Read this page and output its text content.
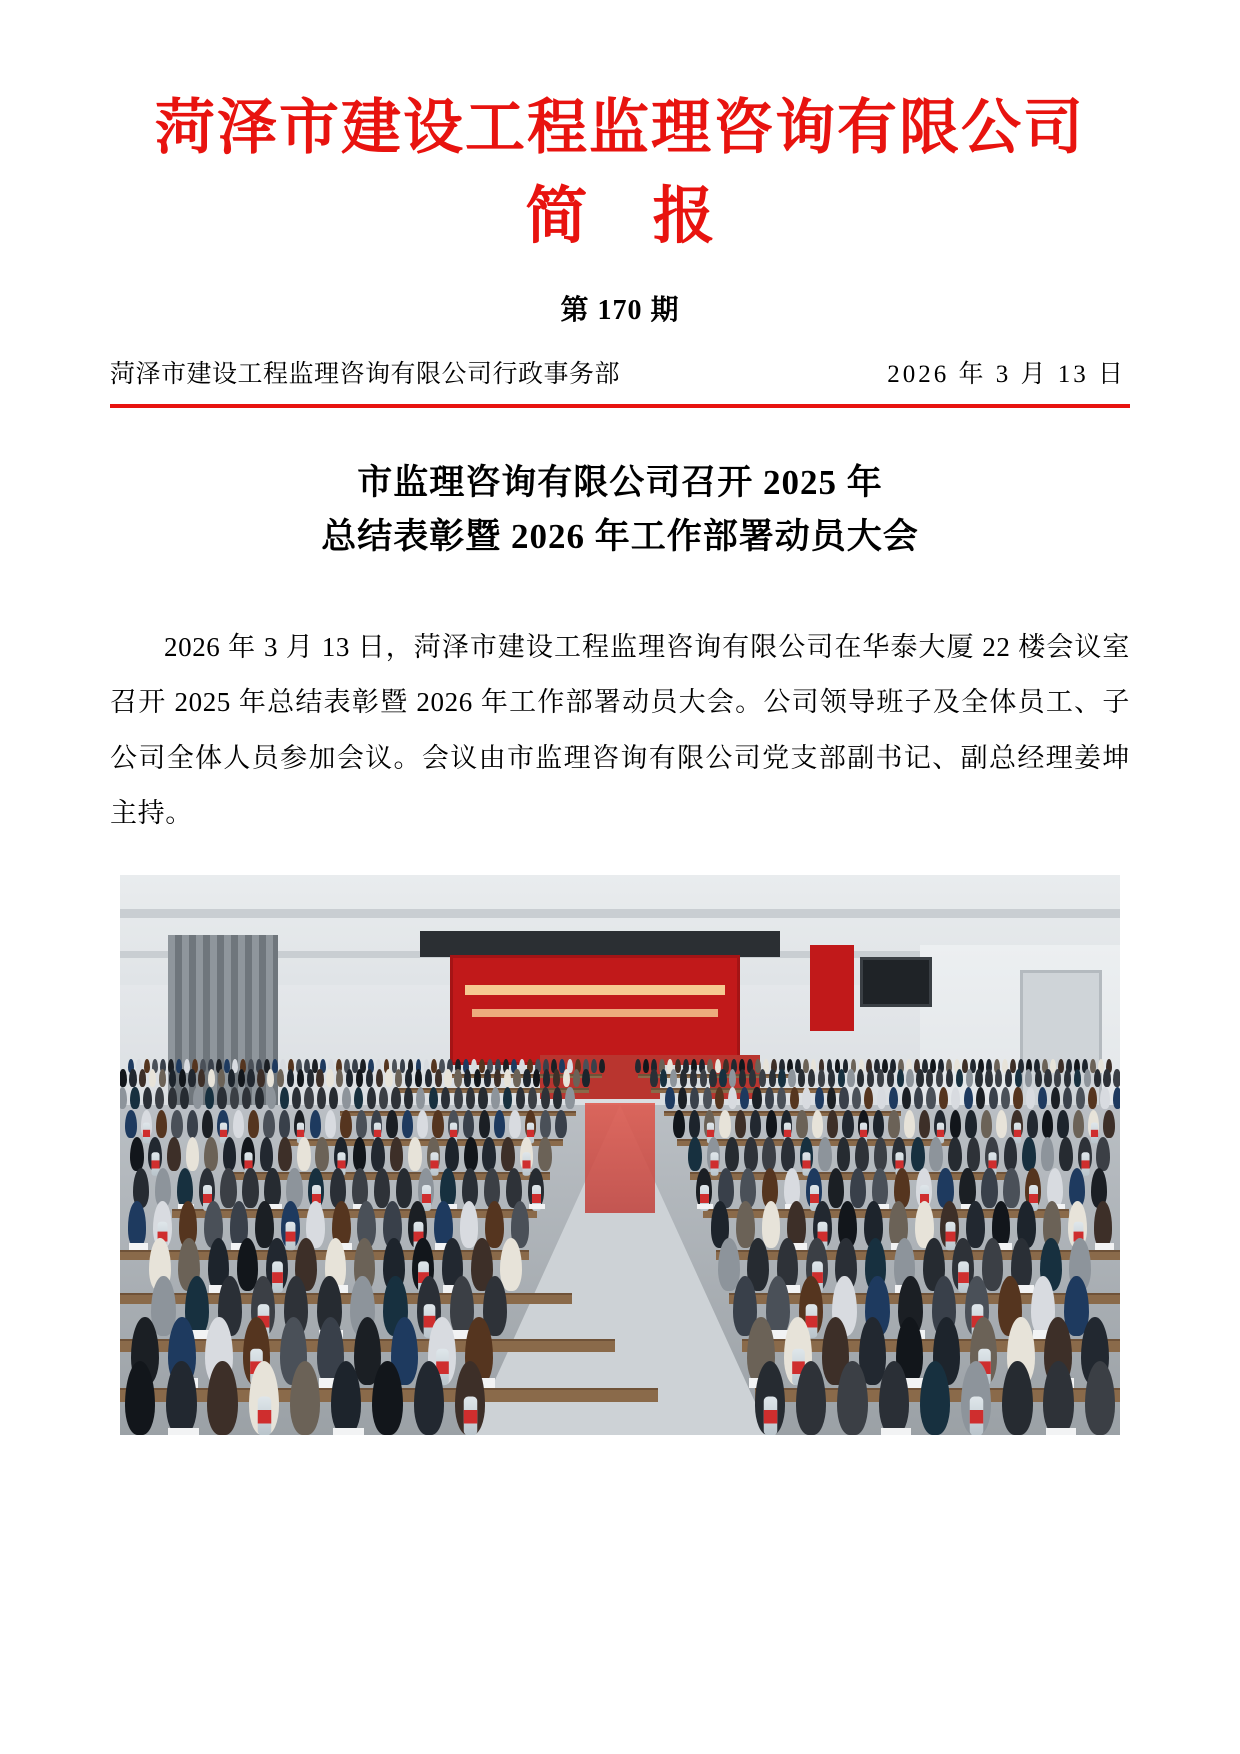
菏泽市建设工程监理咨询有限公司
简 报
第 170 期
菏泽市建设工程监理咨询有限公司行政事务部	2026 年 3 月 13 日
市监理咨询有限公司召开 2025 年
总结表彰暨 2026 年工作部署动员大会

2026 年 3 月 13 日，菏泽市建设工程监理咨询有限公司在华泰大厦 22 楼会议室召开 2025 年总结表彰暨 2026 年工作部署动员大会。公司领导班子及全体员工、子公司全体人员参加会议。会议由市监理咨询有限公司党支部副书记、副总经理姜坤主持。
